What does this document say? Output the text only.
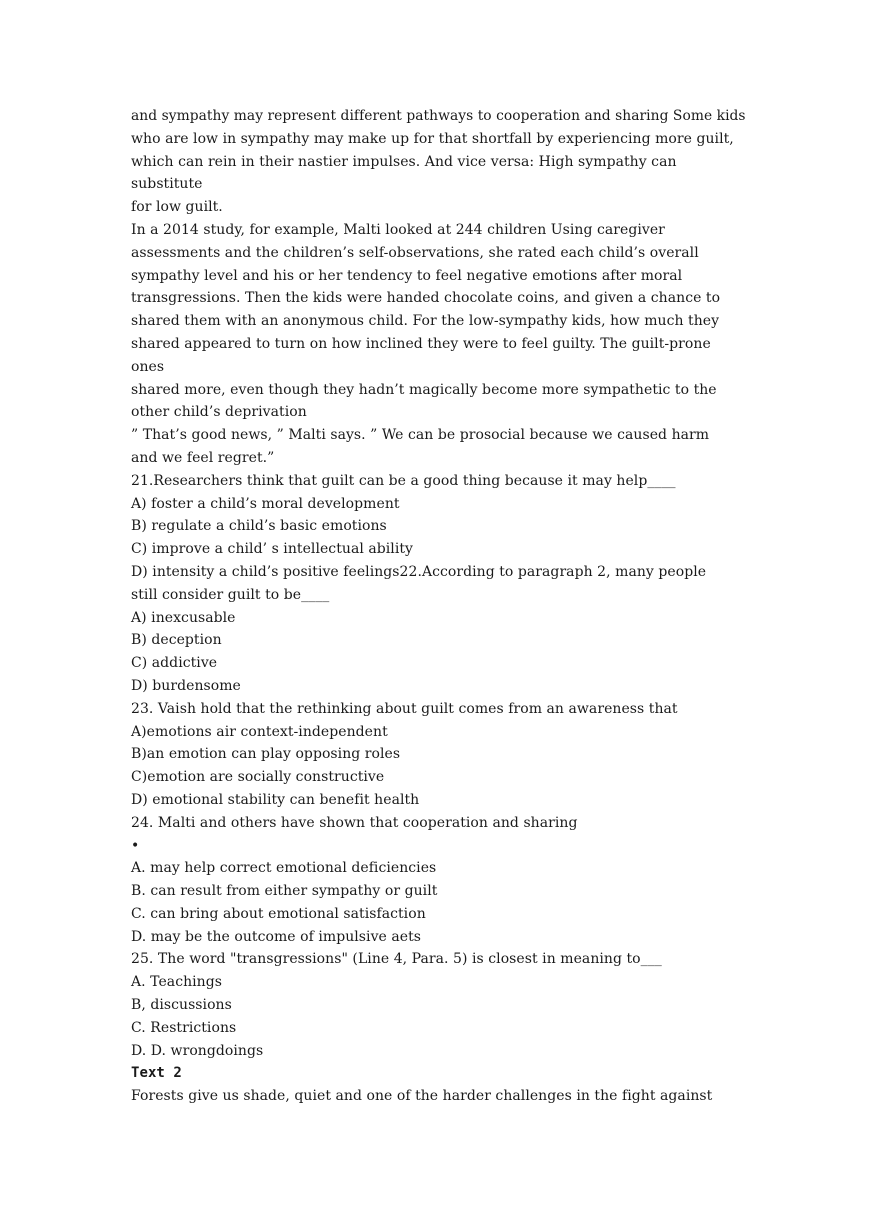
and sympathy may represent different pathways to cooperation and sharing Some kids
who are low in sympathy may make up for that shortfall by experiencing more guilt,
which can rein in their nastier impulses. And vice versa: High sympathy can
substitute
for low guilt.
In a 2014 study, for example, Malti looked at 244 children Using caregiver
assessments and the children’s self-observations, she rated each child’s overall
sympathy level and his or her tendency to feel negative emotions after moral
transgressions. Then the kids were handed chocolate coins, and given a chance to
shared them with an anonymous child. For the low-sympathy kids, how much they
shared appeared to turn on how inclined they were to feel guilty. The guilt-prone
ones
shared more, even though they hadn’t magically become more sympathetic to the
other child’s deprivation
” That’s good news, ” Malti says. ” We can be prosocial because we caused harm
and we feel regret.”
21.Researchers think that guilt can be a good thing because it may help____
A) foster a child’s moral development
B) regulate a child’s basic emotions
C) improve a child’ s intellectual ability
D) intensity a child’s positive feelings22.According to paragraph 2, many people
still consider guilt to be____
A) inexcusable
B) deception
C) addictive
D) burdensome
23. Vaish hold that the rethinking about guilt comes from an awareness that
A)emotions air context-independent
B)an emotion can play opposing roles
C)emotion are socially constructive
D) emotional stability can benefit health
24. Malti and others have shown that cooperation and sharing
•
A. may help correct emotional deficiencies
B. can result from either sympathy or guilt
C. can bring about emotional satisfaction
D. may be the outcome of impulsive aets
25. The word "transgressions" (Line 4, Para. 5) is closest in meaning to___
A. Teachings
B, discussions
C. Restrictions
D. D. wrongdoings
Text 2
Forests give us shade, quiet and one of the harder challenges in the fight against
